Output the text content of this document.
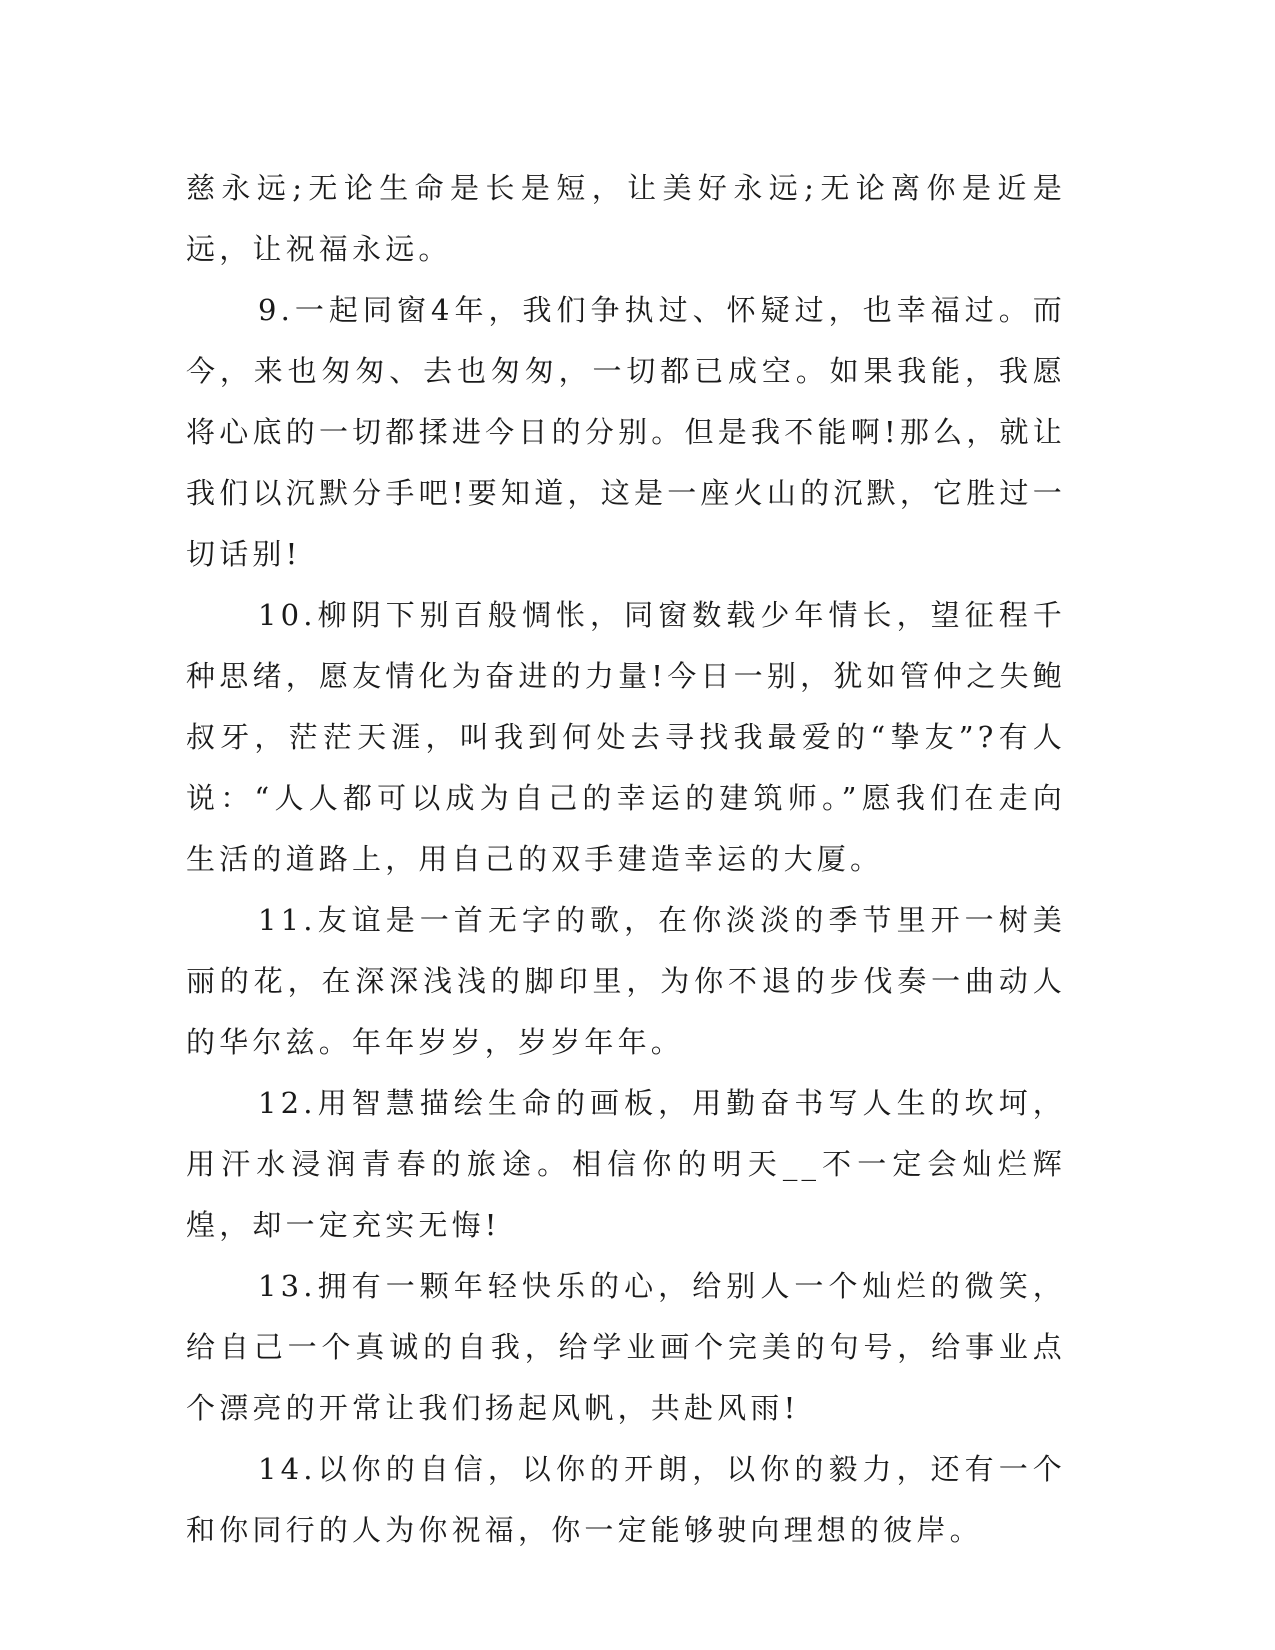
慈永远;无论生命是长是短，让美好永远;无论离你是近是远，让祝福永远。

9.一起同窗4年，我们争执过、怀疑过，也幸福过。而今，来也匆匆、去也匆匆，一切都已成空。如果我能，我愿将心底的一切都揉进今日的分别。但是我不能啊!那么，就让我们以沉默分手吧!要知道，这是一座火山的沉默，它胜过一切话别!

10.柳阴下别百般惆怅，同窗数载少年情长，望征程千种思绪，愿友情化为奋进的力量!今日一别，犹如管仲之失鲍叔牙，茫茫天涯，叫我到何处去寻找我最爱的“挚友”?有人说：“人人都可以成为自己的幸运的建筑师。”愿我们在走向生活的道路上，用自己的双手建造幸运的大厦。

11.友谊是一首无字的歌，在你淡淡的季节里开一树美丽的花，在深深浅浅的脚印里，为你不退的步伐奏一曲动人的华尔兹。年年岁岁，岁岁年年。

12.用智慧描绘生命的画板，用勤奋书写人生的坎坷，用汗水浸润青春的旅途。相信你的明天__不一定会灿烂辉煌，却一定充实无悔!

13.拥有一颗年轻快乐的心，给别人一个灿烂的微笑，给自己一个真诚的自我，给学业画个完美的句号，给事业点个漂亮的开常让我们扬起风帆，共赴风雨!

14.以你的自信，以你的开朗，以你的毅力，还有一个和你同行的人为你祝福，你一定能够驶向理想的彼岸。
